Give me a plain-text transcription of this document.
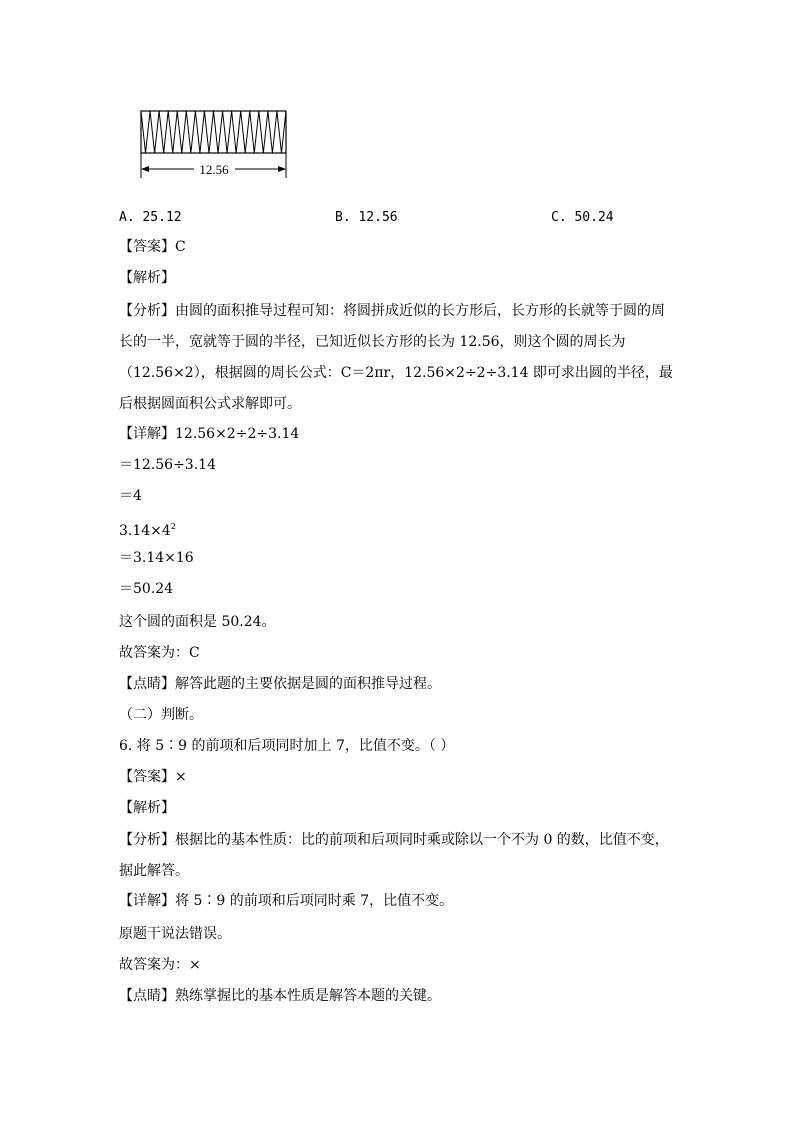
12.56
A. 25.12	B. 12.56	C. 50.24
【答案】C
【解析】
【分析】由圆的面积推导过程可知：将圆拼成近似的长方形后，长方形的长就等于圆的周
长的一半，宽就等于圆的半径，已知近似长方形的长为 12.56，则这个圆的周长为
（12.56×2），根据圆的周长公式：C＝2πr，12.56×2÷2÷3.14 即可求出圆的半径，最
后根据圆面积公式求解即可。
【详解】12.56×2÷2÷3.14
＝12.56÷3.14
＝4
$3.14\times 4^2$
＝3.14×16
＝50.24
这个圆的面积是 50.24。
故答案为：C
【点睛】解答此题的主要依据是圆的面积推导过程。
（二）判断。
6. 将 5∶9 的前项和后项同时加上 7，比值不变。（ ）
【答案】×
【解析】
【分析】根据比的基本性质：比的前项和后项同时乘或除以一个不为 0 的数，比值不变，
据此解答。
【详解】将 5∶9 的前项和后项同时乘 7，比值不变。
原题干说法错误。
故答案为：×
【点睛】熟练掌握比的基本性质是解答本题的关键。
